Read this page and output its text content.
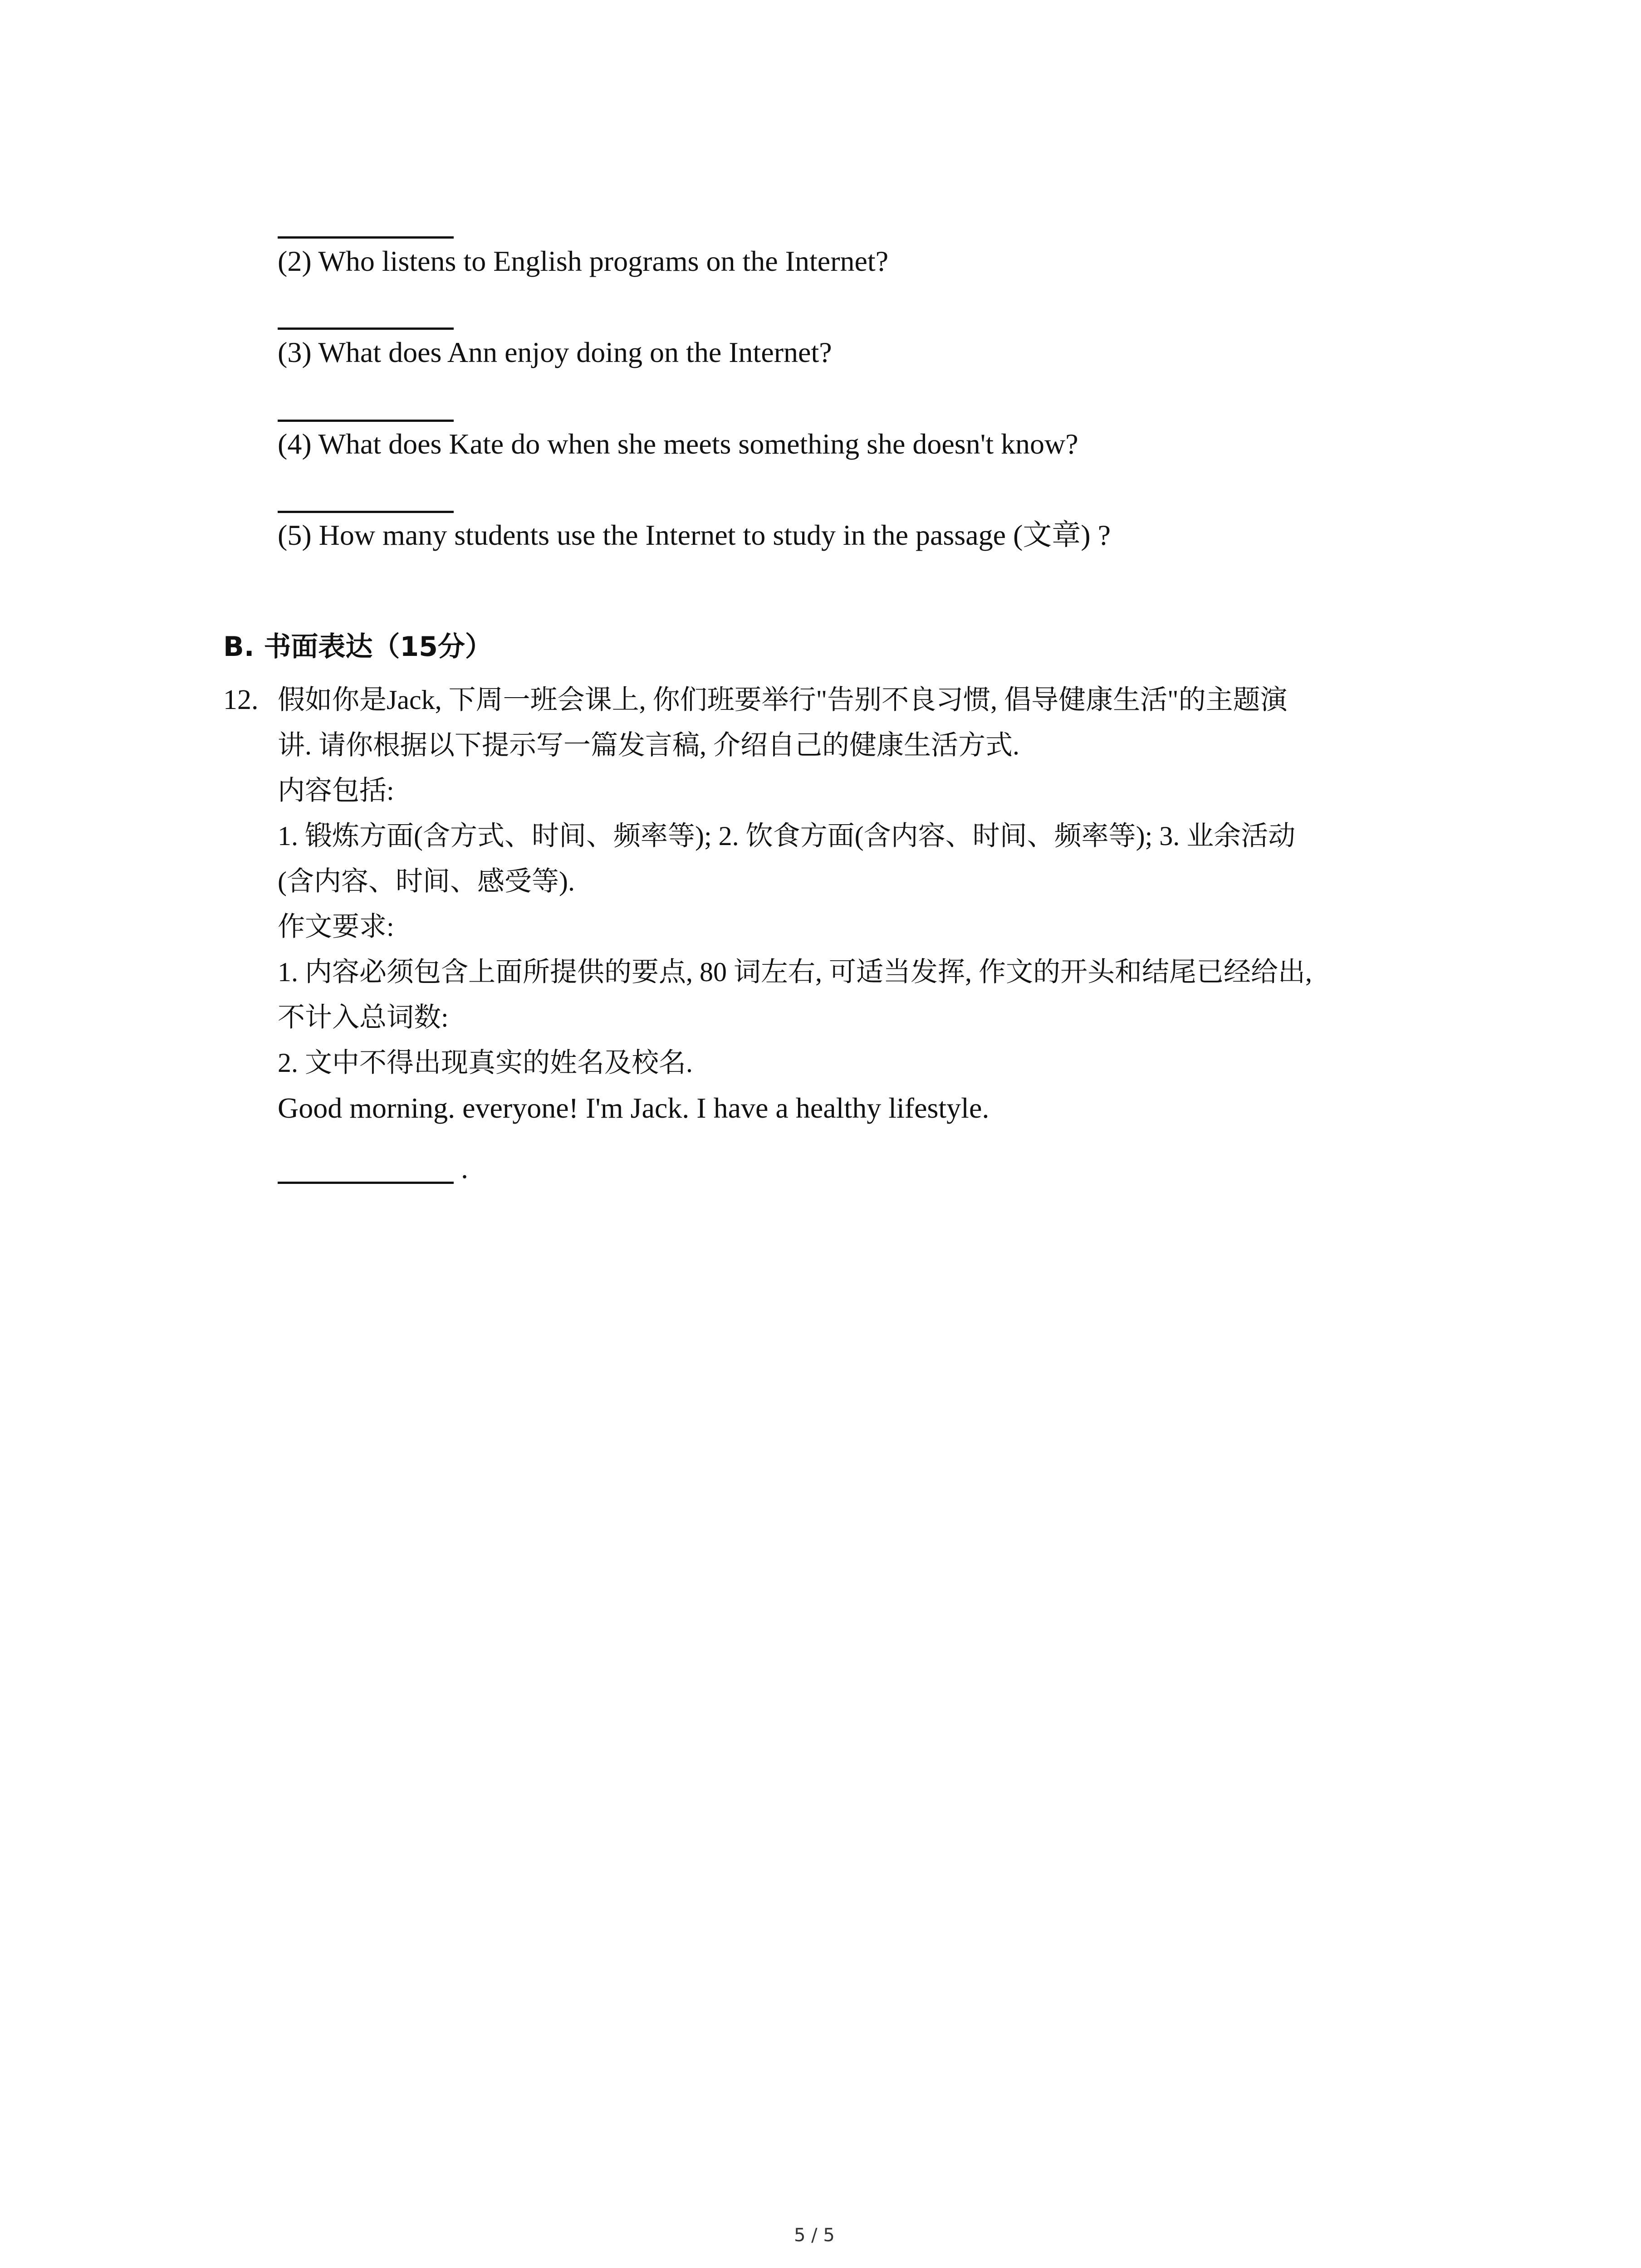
(2) Who listens to English programs on the Internet?
(3) What does Ann enjoy doing on the Internet?
(4) What does Kate do when she meets something she doesn't know?
(5) How many students use the Internet to study in the passage (文章) ?
B. 书面表达（15分）
12. 假如你是Jack, 下周一班会课上, 你们班要举行"告别不良习惯, 倡导健康生活"的主题演
讲. 请你根据以下提示写一篇发言稿, 介绍自己的健康生活方式.
内容包括:
1. 锻炼方面(含方式、时间、频率等); 2. 饮食方面(含内容、时间、频率等); 3. 业余活动
(含内容、时间、感受等).
作文要求:
1. 内容必须包含上面所提供的要点, 80 词左右, 可适当发挥, 作文的开头和结尾已经给出,
不计入总词数:
2. 文中不得出现真实的姓名及校名.
Good morning. everyone! I'm Jack. I have a healthy lifestyle.
.
5 / 5
